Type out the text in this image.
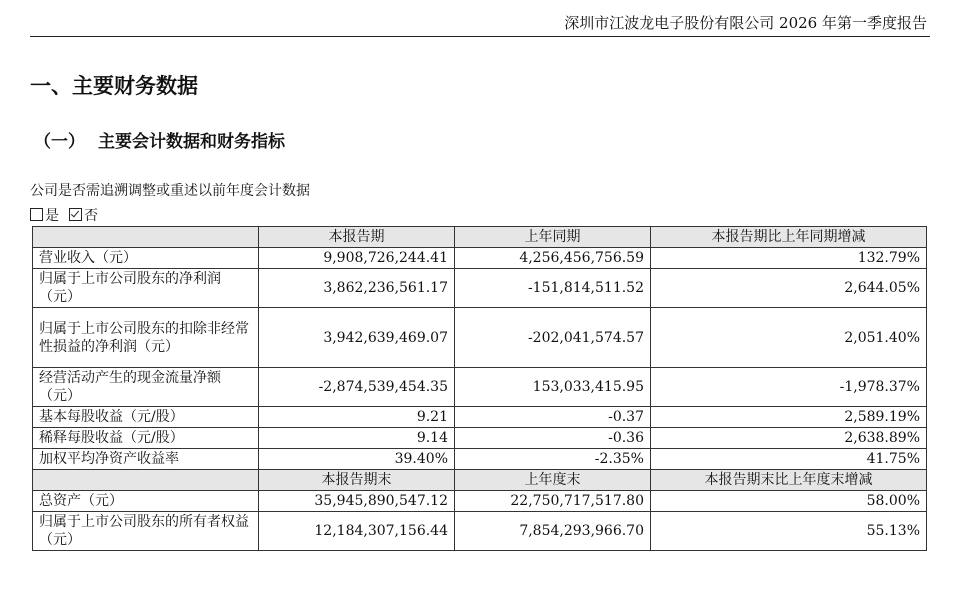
深圳市江波龙电子股份有限公司 2026 年第一季度报告
一、主要财务数据
（一） 主要会计数据和财务指标
公司是否需追溯调整或重述以前年度会计数据
是 否
	本报告期	上年同期	本报告期比上年同期增减
营业收入（元）	9,908,726,244.41	4,256,456,756.59	132.79%
归属于上市公司股东的净利润（元）	3,862,236,561.17	-151,814,511.52	2,644.05%
归属于上市公司股东的扣除非经常性损益的净利润（元）	3,942,639,469.07	-202,041,574.57	2,051.40%
经营活动产生的现金流量净额（元）	-2,874,539,454.35	153,033,415.95	-1,978.37%
基本每股收益（元/股）	9.21	-0.37	2,589.19%
稀释每股收益（元/股）	9.14	-0.36	2,638.89%
加权平均净资产收益率	39.40%	-2.35%	41.75%
	本报告期末	上年度末	本报告期末比上年度末增减
总资产（元）	35,945,890,547.12	22,750,717,517.80	58.00%
归属于上市公司股东的所有者权益（元）	12,184,307,156.44	7,854,293,966.70	55.13%
